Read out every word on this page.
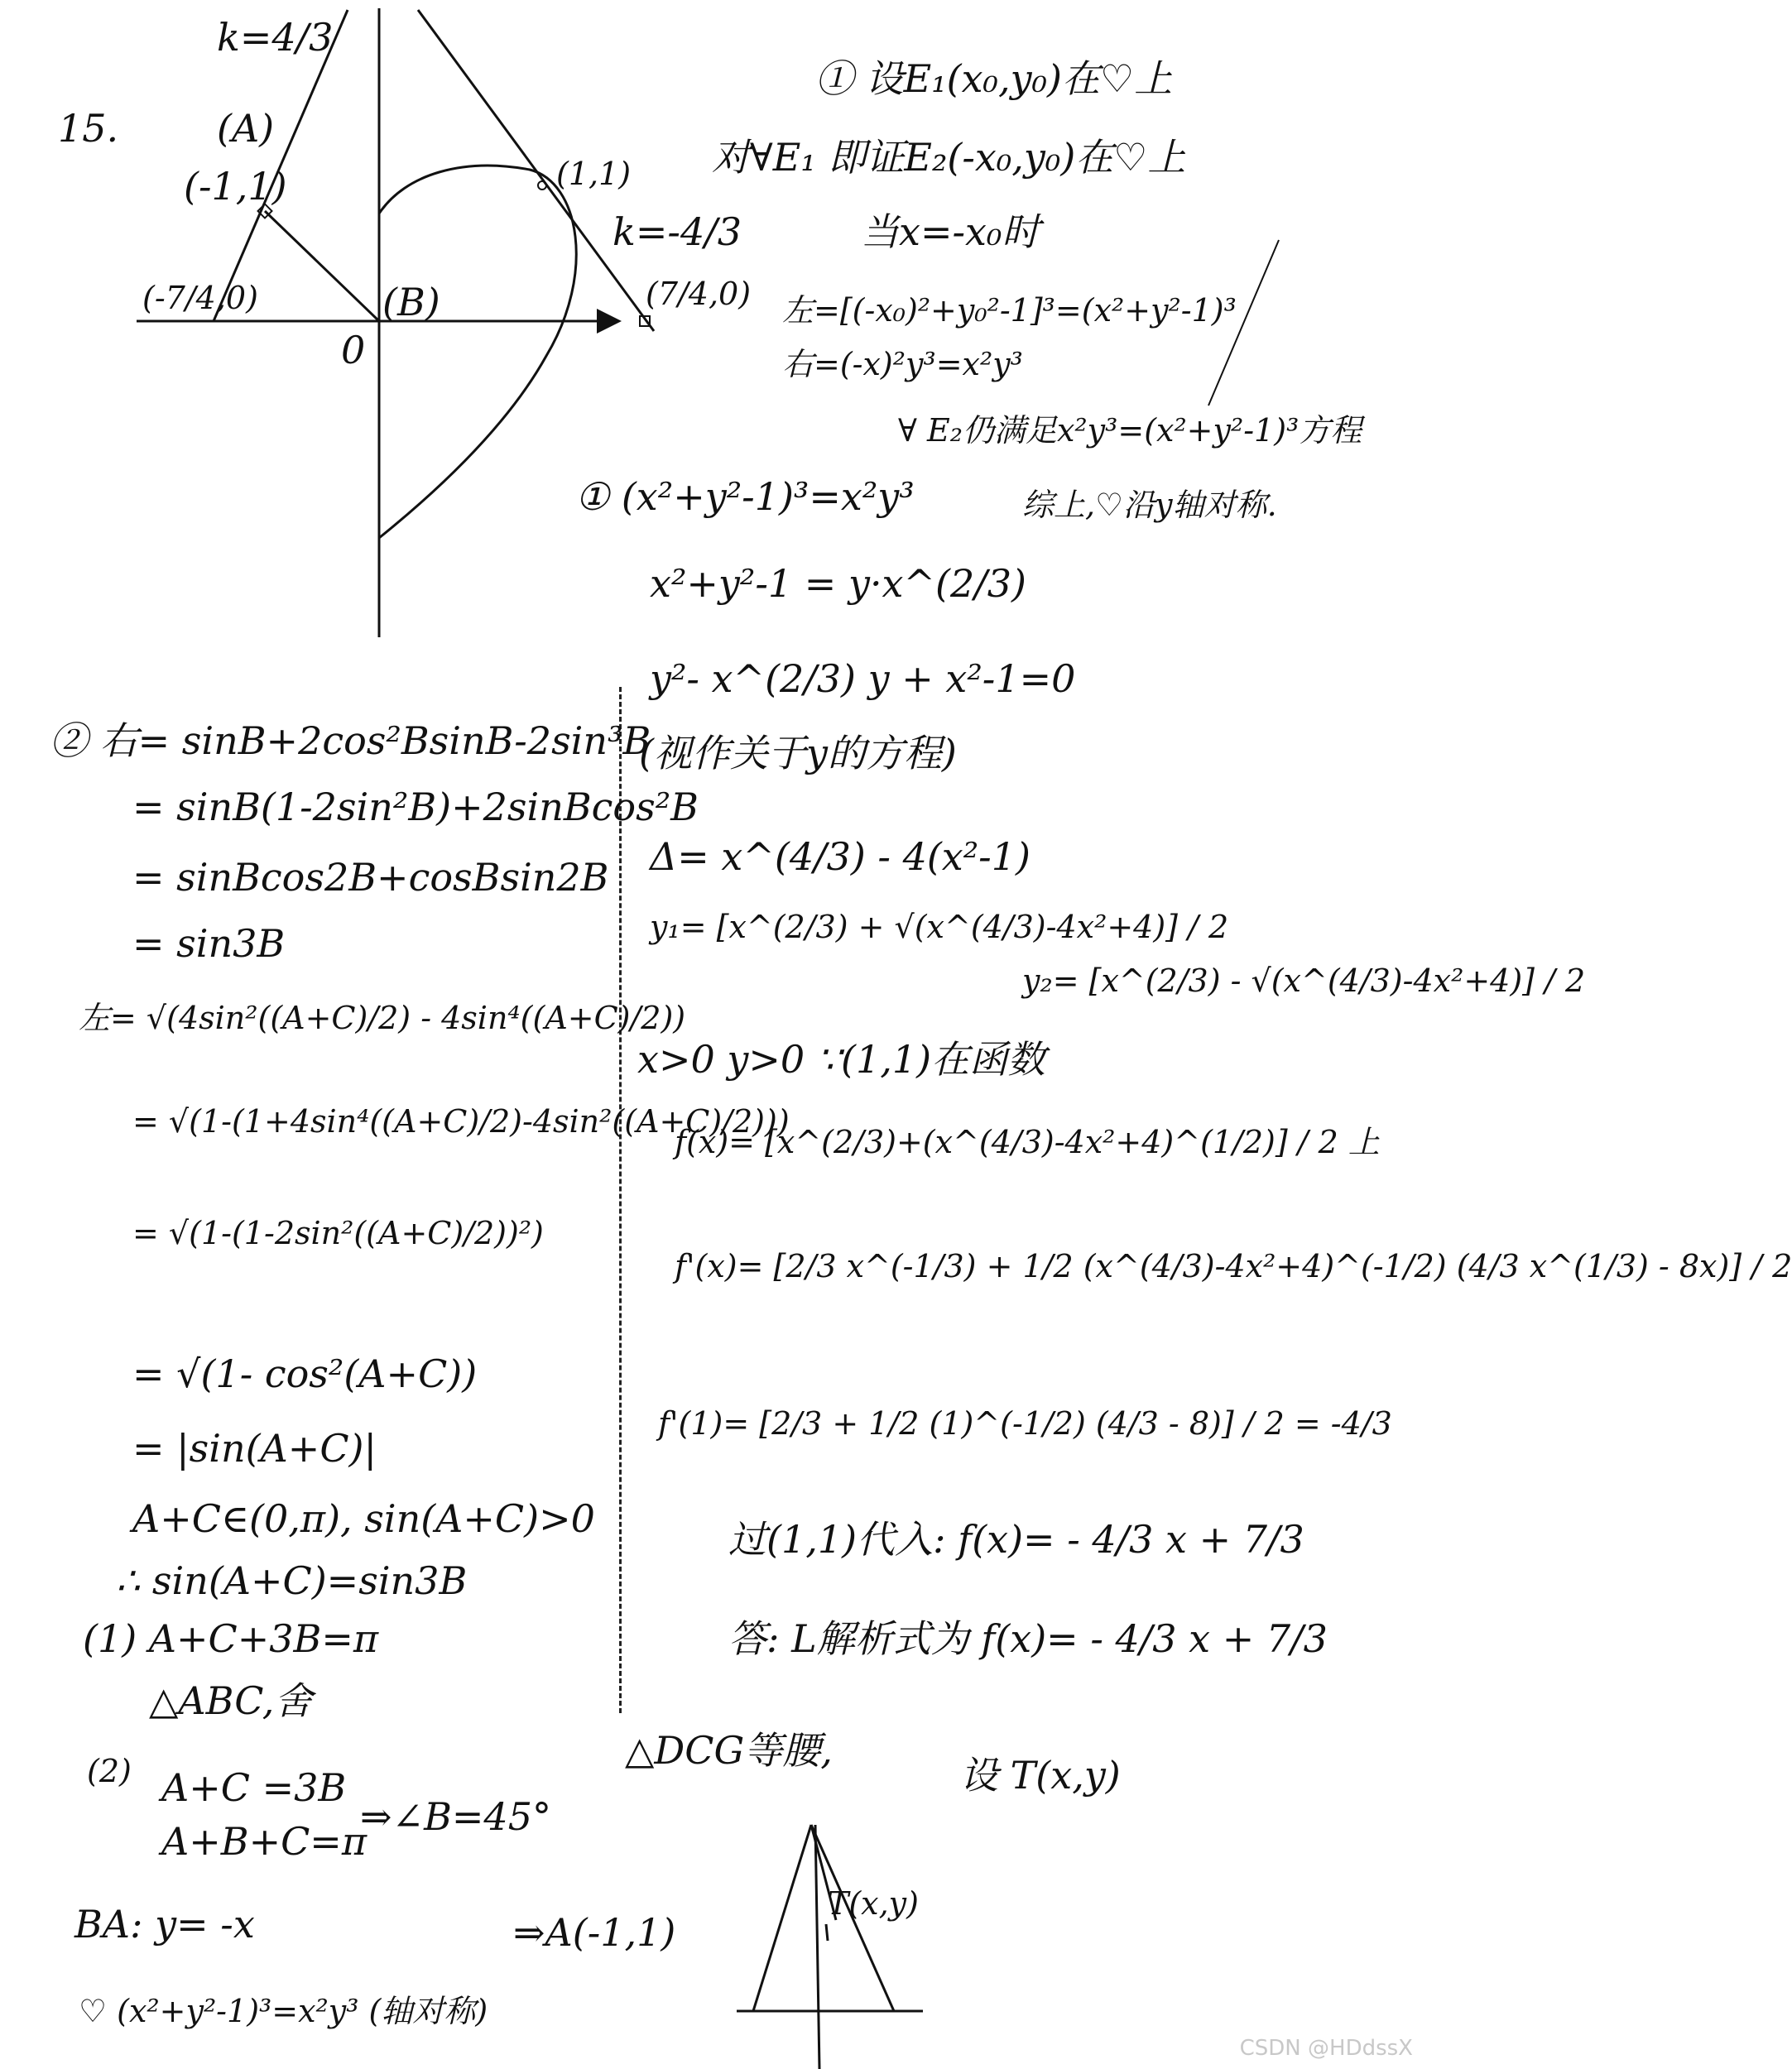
15.
k=4/3
(A)
(-1,1)
(B)
0
(-7/4,0)
(1,1)
k=-4/3
(7/4,0)
① 设E₁(x₀,y₀)在♡上
对∀E₁ 即证E₂(-x₀,y₀)在♡上
当x=-x₀时
左=[(-x₀)²+y₀²-1]³=(x²+y²-1)³
右=(-x)²y³=x²y³
∀ E₂仍满足x²y³=(x²+y²-1)³方程
综上,♡沿y轴对称.
① (x²+y²-1)³=x²y³
x²+y²-1 = y·x^(2/3)
y²- x^(2/3) y + x²-1=0
(视作关于y的方程)
Δ= x^(4/3) - 4(x²-1)
y₁= [x^(2/3) + √(x^(4/3)-4x²+4)] / 2
y₂= [x^(2/3) - √(x^(4/3)-4x²+4)] / 2
x>0 y>0 ∵(1,1)在函数
f(x)= [x^(2/3)+(x^(4/3)-4x²+4)^(1/2)] / 2 上
f'(x)= [2/3 x^(-1/3) + 1/2 (x^(4/3)-4x²+4)^(-1/2) (4/3 x^(1/3) - 8x)] / 2
f'(1)= [2/3 + 1/2 (1)^(-1/2) (4/3 - 8)] / 2 = -4/3
过(1,1)代入: f(x)= - 4/3 x + 7/3
答: L解析式为 f(x)= - 4/3 x + 7/3
△DCG等腰,
设 T(x,y)
T(x,y)
② 右= sinB+2cos²BsinB-2sin³B
= sinB(1-2sin²B)+2sinBcos²B
= sinBcos2B+cosBsin2B
= sin3B
左= √(4sin²((A+C)/2) - 4sin⁴((A+C)/2))
= √(1-(1+4sin⁴((A+C)/2)-4sin²((A+C)/2)))
= √(1-(1-2sin²((A+C)/2))²)
= √(1- cos²(A+C))
= |sin(A+C)|
A+C∈(0,π), sin(A+C)>0
∴ sin(A+C)=sin3B
(1) A+C+3B=π
△ABC,舍
(2) A+C =3B
A+B+C=π
⇒∠B=45°
BA: y= -x	⇒A(-1,1)
♡ (x²+y²-1)³=x²y³ (轴对称)
CSDN @HDdssX
